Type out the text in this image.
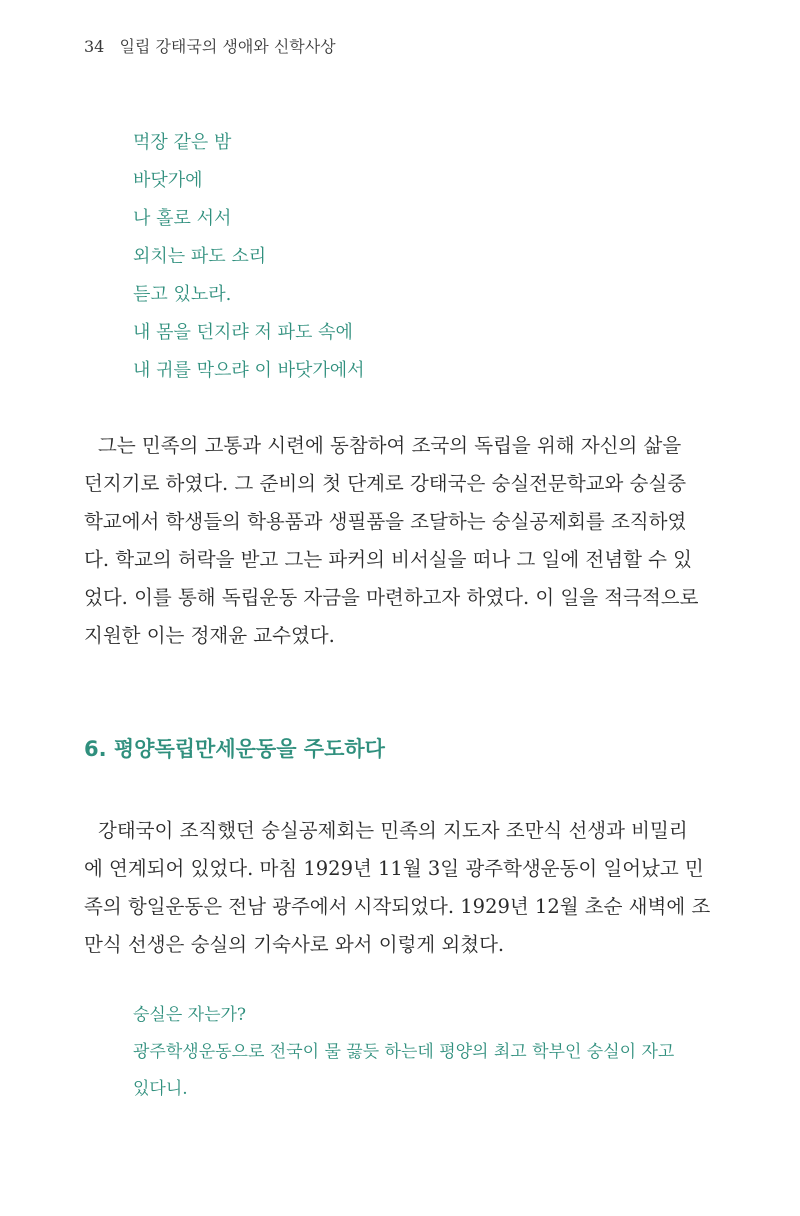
34 일립 강태국의 생애와 신학사상
먹장 같은 밤
바닷가에
나 홀로 서서
외치는 파도 소리
듣고 있노라.
내 몸을 던지랴 저 파도 속에
내 귀를 막으랴 이 바닷가에서
그는 민족의 고통과 시련에 동참하여 조국의 독립을 위해 자신의 삶을
던지기로 하였다. 그 준비의 첫 단계로 강태국은 숭실전문학교와 숭실중
학교에서 학생들의 학용품과 생필품을 조달하는 숭실공제회를 조직하였
다. 학교의 허락을 받고 그는 파커의 비서실을 떠나 그 일에 전념할 수 있
었다. 이를 통해 독립운동 자금을 마련하고자 하였다. 이 일을 적극적으로
지원한 이는 정재윤 교수였다.
6. 평양독립만세운동을 주도하다
강태국이 조직했던 숭실공제회는 민족의 지도자 조만식 선생과 비밀리
에 연계되어 있었다. 마침 1929년 11월 3일 광주학생운동이 일어났고 민
족의 항일운동은 전남 광주에서 시작되었다. 1929년 12월 초순 새벽에 조
만식 선생은 숭실의 기숙사로 와서 이렇게 외쳤다.
숭실은 자는가?
광주학생운동으로 전국이 물 끓듯 하는데 평양의 최고 학부인 숭실이 자고
있다니.
